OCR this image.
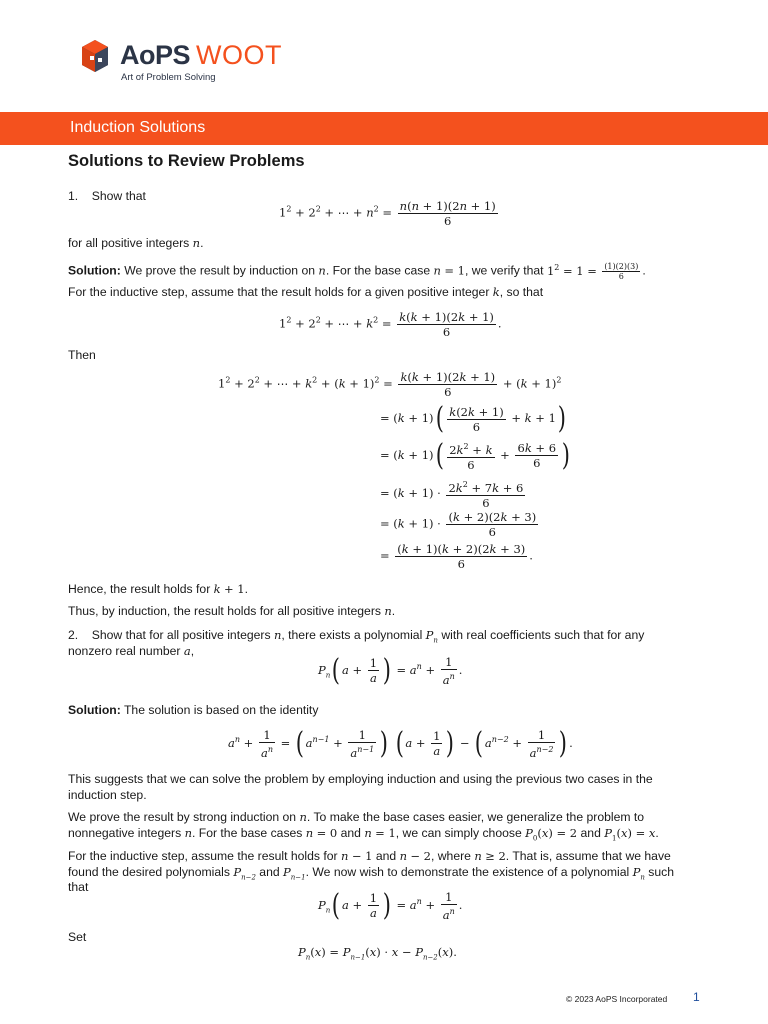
AoPS WOOT
Art of Problem Solving
Induction Solutions
Solutions to Review Problems
1. Show that
$1^2 + 2^2$ + ⋯ + $n^2 = \frac{n(n + 1)(2n + 1)}{6}$
for all positive integers n.
Solution: We prove the result by induction on n. For the base case n = 1, we verify that $1^2 = 1 = \frac{(1)(2)(3)}{6}$ .
For the inductive step, assume that the result holds for a given positive integer k, so that
$1^2 + 2^2$ + ⋯ + $k^2 = \frac{k(k + 1)(2k + 1)}{6}$ .
Then
$1^2 + 2^2$ + ⋯ + $k^2 + (k + 1)^2 = \frac{k(k + 1)(2k + 1)}{6} + (k + 1)^2$
= $(k + 1)( \frac{k(2k + 1)}{6} + k + 1)$
= $(k + 1)( \frac{2k^2 + k}{6} + \frac{6k + 6}{6}$ )
= $(k + 1) \cdot \frac{2k^2 + 7k + 6}{6}$
= $(k + 1) \cdot \frac{(k + 2)(2k + 3)}{6}$
= $\frac{(k + 1)(k + 2)(2k + 3)}{6}$ .
Hence, the result holds for k + 1.
Thus, by induction, the result holds for all positive integers n.
2. Show that for all positive integers n, there exists a polynomial $P_n$ with real coefficients such that for any
nonzero real number a,
$P_n$( $a + \frac{1}{a}$ ) = $a^n + \frac{1}{a^n}$ .
Solution: The solution is based on the identity
$a^n + \frac{1}{a^n}$ = ( $a^{n-1} + \frac{1}{a^{n-1}}$ ) ( $a + \frac{1}{a}$ ) − ( $a^{n-2} + \frac{1}{a^{n-2}}$ ) .
This suggests that we can solve the problem by employing induction and using the previous two cases in the induction step.
We prove the result by strong induction on n. To make the base cases easier, we generalize the problem to
nonnegative integers n. For the base cases n = 0 and n = 1, we can simply choose $P_0(x) = 2$ and $P_1(x) = x$.
For the inductive step, assume the result holds for n − 1 and n − 2, where n ≥ 2. That is, assume that we have
found the desired polynomials $P_{n-2}$ and $P_{n-1}$. We now wish to demonstrate the existence of a polynomial $P_n$ such
that
$P_n$( $a + \frac{1}{a}$ ) = $a^n + \frac{1}{a^n}$ .
Set
$P_n(x) = P_{n-1}(x) \cdot x - P_{n-2}(x)$.
© 2023 AoPS Incorporated 1
